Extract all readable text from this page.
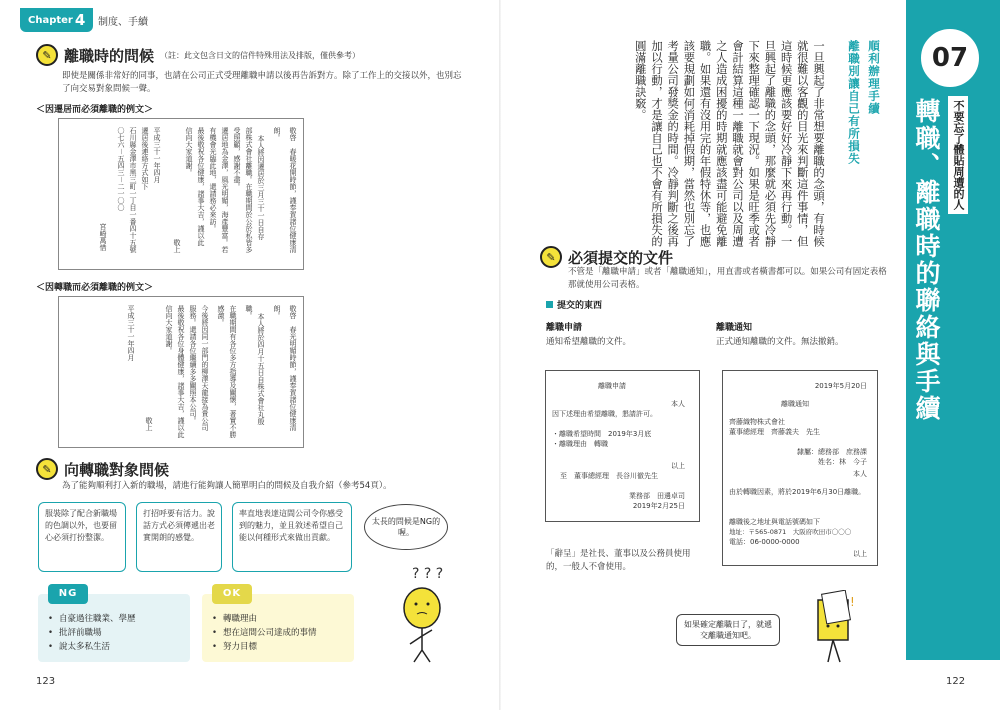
Chapter 4 制度、手續
✎ 離職時的問候 （註：此文包含日文的信件特殊用法及排版，僅供參考）
即使是關係非常好的同事，也請在公司正式受理離職申請以後再告訴對方。除了工作上的交接以外，也別忘了向交易對象問候一聲。
＜因遷居而必須離職的例文＞
敬啓　春暖花開時節，謹奉賀諸位健康清
朗。
本人將因遷居於三月三十一日自存
部株式會社離職。在職期間於公於私皆多
受照顧，感謝不盡。
遷居地為金澤，風光明媚，海產豐富。若
有機會光臨此地，還請務必來訪。
最後敬祝各位健康，諸事大吉，謹以此
信向大家道謝。
敬上
平成三十一年四月
遷居後連絡方式如下
石川縣金澤市黑三町一丁目一番四十五號
〇七六－五四三－二一〇〇
宮崎萬惜
＜因轉職而必須離職的例文＞
敬啓　春光明媚時節，謹奉賀諸位健康清
朗。
本人將於四月十五日自株式會社丸殷
職。
在職期間有各位多方指導及關懷，著實不勝
感激。
今後將因同一部門的柳澤天龍接為貴公司
服務。還請各位繼續多多關照本公司。
最後敬祝各位身體健康，諸事大吉，謹以此
信向大家道謝。
敬上
平成三十一年四月
✎ 向轉職對象問候
為了能夠順利打入新的職場，請進行能夠讓人簡單明白的問候及自我介紹（參考54頁）。
服裝除了配合新職場的色調以外，也要留心必須打扮整潔。
打招呼要有活力。說話方式必須傳遞出老實開朗的感覺。
率直地表達這間公司令你感受到的魅力，並且敘述希望自己能以何種形式來做出貢獻。
太長的問候是NG的喔。
? ? ?
NG
• 自豪過往職業、學歷
• 批評前職場
• 說太多私生活
OK
• 轉職理由
• 想在這間公司達成的事情
• 努力目標
123
07
轉職、離職時的聯絡與手續	不要忘了體貼周遭的人
順利辦理手續
離職別讓自己有所損失
一旦興起了非常想要離職的念頭，有時候就很難以客觀的目光來判斷這件事情，但這時候更應該要好好冷靜下來再行動。一旦興起了離職的念頭，那麼就必須先冷靜下來整理確認一下現況。如果是旺季或者會計結算這種一離職就會對公司以及周遭之人造成困擾的時期就應該盡可能避免離職。如果還有沒用完的年假特休等，也應該要規劃如何消耗掉假期，當然也別忘了考量公司發獎金的時間。冷靜判斷之後再加以行動，才是讓自己也不會有所損失的圓滿離職訣竅。
✎ 必須提交的文件
不管是「離職申請」或者「離職通知」，用直書或者橫書都可以。如果公司有固定表格那就使用公司表格。
提交的東西
離職申請
通知希望離職的文件。
離職通知
正式通知離職的文件。無法撤銷。
離職申請
本人
因下述理由希望離職，懇請許可。
・離職希望時間　2019年3月底
・離職理由　轉職
以上
至　董事總經理　長谷川徹先生
業務部　田邊卓司
2019年2月25日
「辭呈」是社長、董事以及公務員使用的，一般人不會使用。
2019年5月20日
離職通知
齊藤織物株式會社
董事總經理　齊藤義夫　先生
隸屬：總務部　庶務課
姓名：林　今子
本人
由於轉職因素，將於2019年6月30日離職。
離職後之地址與電話號碼如下
地址：〒565-0871　大阪府吹田市〇〇〇
電話：06-0000-0000
以上
如果確定離職日了，就遞交離職通知吧。
!
122
